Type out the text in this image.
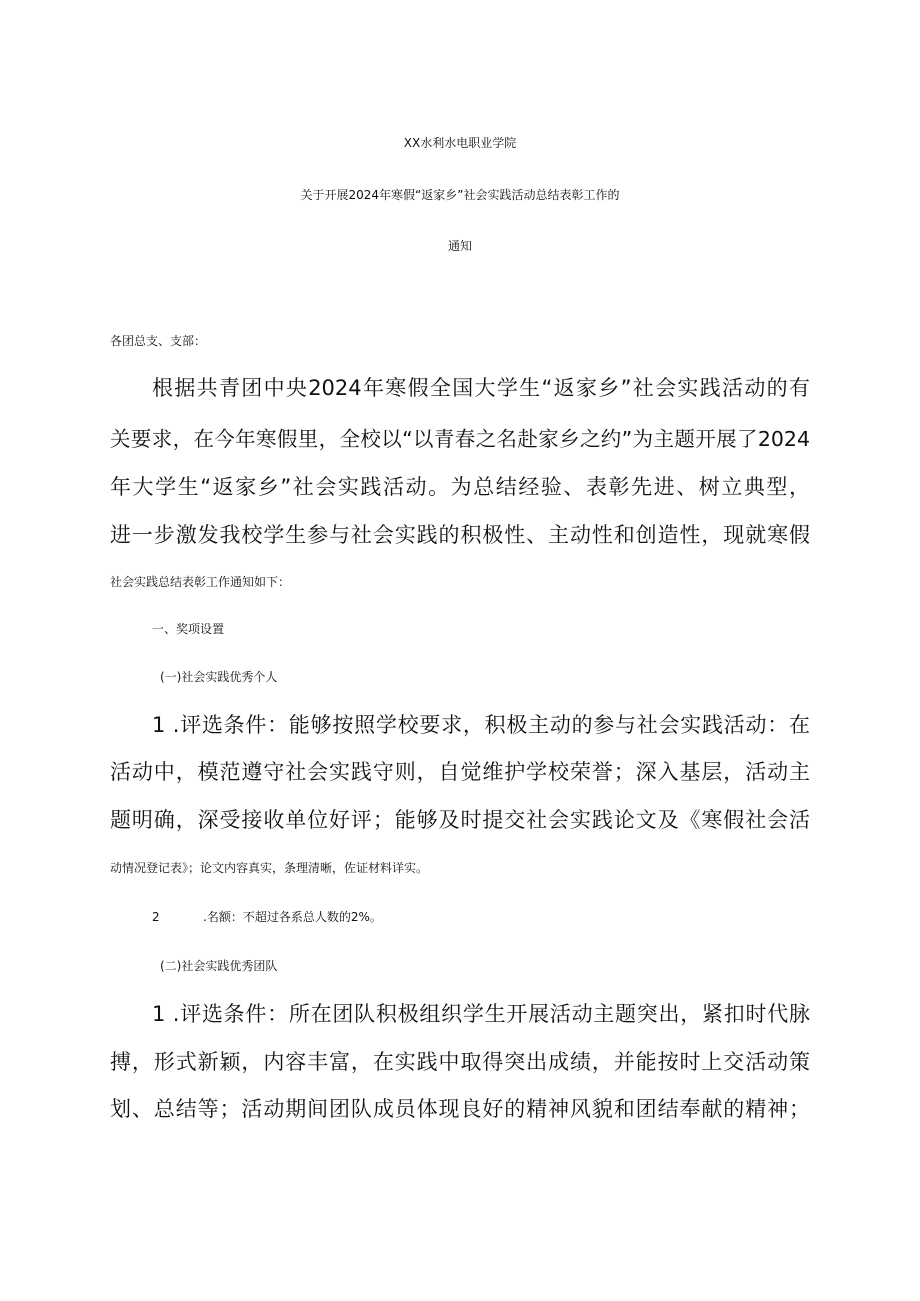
XX水利水电职业学院
关于开展2024年寒假“返家乡”社会实践活动总结表彰工作的
通知
各团总支、支部：
根据共青团中央2024年寒假全国大学生“返家乡”社会实践活动的有
关要求，在今年寒假里，全校以“以青春之名赴家乡之约”为主题开展了2024
年大学生“返家乡”社会实践活动。为总结经验、表彰先进、树立典型，
进一步激发我校学生参与社会实践的积极性、主动性和创造性，现就寒假
社会实践总结表彰工作通知如下：
一、奖项设置
(一)社会实践优秀个人
1 .评选条件：能够按照学校要求，积极主动的参与社会实践活动：在
活动中，模范遵守社会实践守则，自觉维护学校荣誉；深入基层，活动主
题明确，深受接收单位好评；能够及时提交社会实践论文及《寒假社会活
动情况登记表》；论文内容真实，条理清晰，佐证材料详实。
2	.名额：不超过各系总人数的2%。
(二)社会实践优秀团队
1 .评选条件：所在团队积极组织学生开展活动主题突出，紧扣时代脉
搏，形式新颖，内容丰富，在实践中取得突出成绩，并能按时上交活动策
划、总结等；活动期间团队成员体现良好的精神风貌和团结奉献的精神；
